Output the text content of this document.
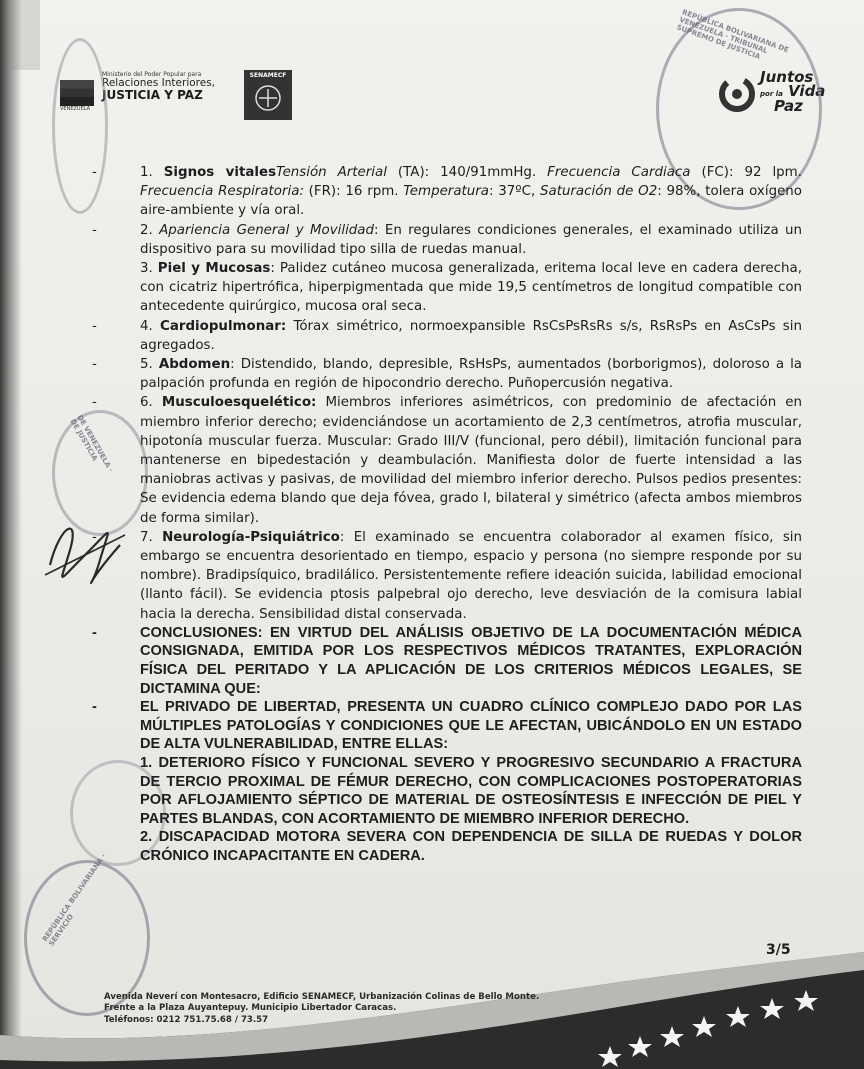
VENEZUELA
Ministerio del Poder Popular para
Relaciones Interiores,
JUSTICIA Y PAZ
SENAMECF	Juntos
por la Vida
Paz
REPÚBLICA BOLIVARIANA DE VENEZUELA · TRIBUNAL SUPREMO DE JUSTICIA
DE VENEZUELA · DE JUSTICIA
REPÚBLICA BOLIVARIANA · SERVICIO
-	1. Signos vitalesTensión Arterial (TA): 140/91mmHg. Frecuencia Cardiaca (FC): 92 lpm. Frecuencia Respiratoria: (FR): 16 rpm. Temperatura: 37ºC, Saturación de O2: 98%, tolera oxígeno aire-ambiente y vía oral.

-	2. Apariencia General y Movilidad: En regulares condiciones generales, el examinado utiliza un dispositivo para su movilidad tipo silla de ruedas manual.

3. Piel y Mucosas: Palidez cutáneo mucosa generalizada, eritema local leve en cadera derecha, con cicatriz hipertrófica, hiperpigmentada que mide 19,5 centímetros de longitud compatible con antecedente quirúrgico, mucosa oral seca.

-	4. Cardiopulmonar: Tórax simétrico, normoexpansible RsCsPsRsRs s/s, RsRsPs en AsCsPs sin agregados.

-	5. Abdomen: Distendido, blando, depresible, RsHsPs, aumentados (borborigmos), doloroso a la palpación profunda en región de hipocondrio derecho. Puñopercusión negativa.

-	6. Musculoesquelético: Miembros inferiores asimétricos, con predominio de afectación en miembro inferior derecho; evidenciándose un acortamiento de 2,3 centímetros, atrofia muscular, hipotonía muscular fuerza. Muscular: Grado III/V (funcional, pero débil), limitación funcional para mantenerse en bipedestación y deambulación. Manifiesta dolor de fuerte intensidad a las maniobras activas y pasivas, de movilidad del miembro inferior derecho. Pulsos pedios presentes: Se evidencia edema blando que deja fóvea, grado I, bilateral y simétrico (afecta ambos miembros de forma similar).

-	7. Neurología-Psiquiátrico: El examinado se encuentra colaborador al examen físico, sin embargo se encuentra desorientado en tiempo, espacio y persona (no siempre responde por su nombre). Bradipsíquico, bradilálico. Persistentemente refiere ideación suicida, labilidad emocional (llanto fácil). Se evidencia ptosis palpebral ojo derecho, leve desviación de la comisura labial hacia la derecha. Sensibilidad distal conservada.

-	CONCLUSIONES: EN VIRTUD DEL ANÁLISIS OBJETIVO DE LA DOCUMENTACIÓN MÉDICA CONSIGNADA, EMITIDA POR LOS RESPECTIVOS MÉDICOS TRATANTES, EXPLORACIÓN FÍSICA DEL PERITADO Y LA APLICACIÓN DE LOS CRITERIOS MÉDICOS LEGALES, SE DICTAMINA QUE:

-	EL PRIVADO DE LIBERTAD, PRESENTA UN CUADRO CLÍNICO COMPLEJO DADO POR LAS MÚLTIPLES PATOLOGÍAS Y CONDICIONES QUE LE AFECTAN, UBICÁNDOLO EN UN ESTADO DE ALTA VULNERABILIDAD, ENTRE ELLAS:

1. DETERIORO FÍSICO Y FUNCIONAL SEVERO Y PROGRESIVO SECUNDARIO A FRACTURA DE TERCIO PROXIMAL DE FÉMUR DERECHO, CON COMPLICACIONES POSTOPERATORIAS POR AFLOJAMIENTO SÉPTICO DE MATERIAL DE OSTEOSÍNTESIS E INFECCIÓN DE PIEL Y PARTES BLANDAS, CON ACORTAMIENTO DE MIEMBRO INFERIOR DERECHO.

2. DISCAPACIDAD MOTORA SEVERA CON DEPENDENCIA DE SILLA DE RUEDAS Y DOLOR CRÓNICO INCAPACITANTE EN CADERA.

3/5
Avenida Neverí con Montesacro, Edificio SENAMECF, Urbanización Colinas de Bello Monte.
Frente a la Plaza Auyantepuy. Municipio Libertador Caracas.
Teléfonos: 0212 751.75.68 / 73.57
